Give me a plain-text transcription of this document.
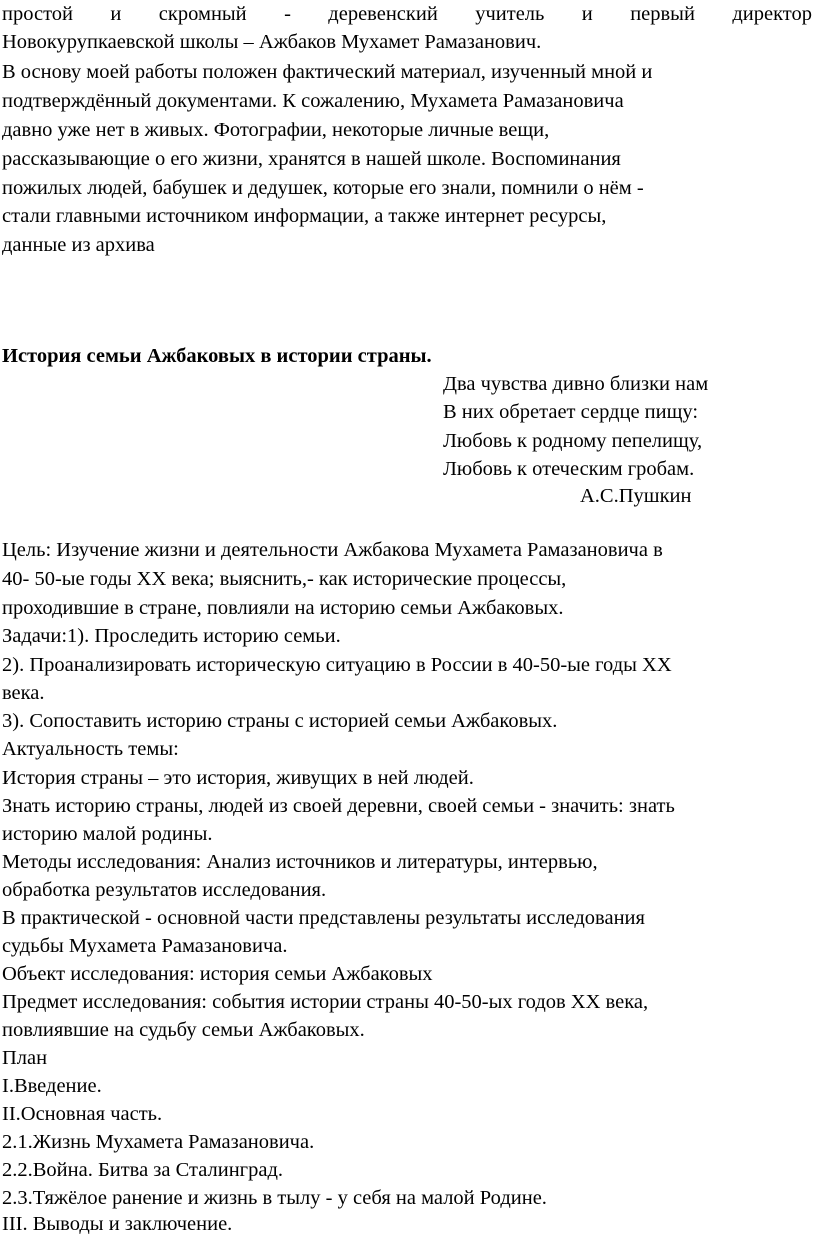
простой и скромный - деревенский учитель и первый директор
Новокурупкаевской школы – Ажбаков Мухамет Рамазанович.
В основу моей работы положен фактический материал, изученный мной и
подтверждённый документами. К сожалению, Мухамета Рамазановича
давно уже нет в живых. Фотографии, некоторые личные вещи,
рассказывающие о его жизни, хранятся в нашей школе. Воспоминания
пожилых людей, бабушек и дедушек, которые его знали, помнили о нём -
стали главными источником информации, а также интернет ресурсы,
данные из архива
История семьи Ажбаковых в истории страны.
Два чувства дивно близки нам
В них обретает сердце пищу:
Любовь к родному пепелищу,
Любовь к отеческим гробам.
А.С.Пушкин
Цель: Изучение жизни и деятельности Ажбакова Мухамета Рамазановича в
40- 50-ые годы XX века; выяснить,- как исторические процессы,
проходившие в стране, повлияли на историю семьи Ажбаковых.
Задачи:1). Проследить историю семьи.
2). Проанализировать историческую ситуацию в России в 40-50-ые годы XX
века.
3). Сопоставить историю страны с историей семьи Ажбаковых.
Актуальность темы:
История страны – это история, живущих в ней людей.
Знать историю страны, людей из своей деревни, своей семьи - значить: знать
историю малой родины.
Методы исследования: Анализ источников и литературы, интервью,
обработка результатов исследования.
В практической - основной части представлены результаты исследования
судьбы Мухамета Рамазановича.
Объект исследования: история семьи Ажбаковых
Предмет исследования: события истории страны 40-50-ых годов XX века,
повлиявшие на судьбу семьи Ажбаковых.
План
I.Введение.
II.Основная часть.
2.1.Жизнь Мухамета Рамазановича.
2.2.Война. Битва за Сталинград.
2.3.Тяжёлое ранение и жизнь в тылу - у себя на малой Родине.
III. Выводы и заключение.
